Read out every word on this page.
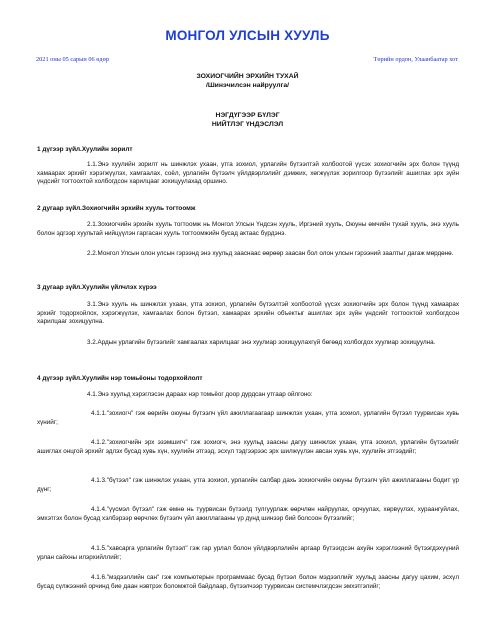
МОНГОЛ УЛСЫН ХУУЛЬ
2021 оны 05 сарын 06 өдөр	Төрийн ордон, Улаанбаатар хот
ЗОХИОГЧИЙН ЭРХИЙН ТУХАЙ
/Шинэчилсэн найруулга/
НЭГДҮГЭЭР БҮЛЭГ
НИЙТЛЭГ ҮНДЭСЛЭЛ
1 дүгээр зүйл.Хуулийн зорилт

1.1.Энэ хуулийн зорилт нь шинжлэх ухаан, утга зохиол, урлагийн бүтээлтэй холбоотой үүсэх зохиогчийн эрх болон түүнд хамаарах эрхийг хэрэгжүүлэх, хамгаалах, соёл, урлагийн бүтээлч үйлдвэрлэлийг дэмжих, хөгжүүлэх зорилгоор бүтээлийг ашиглах эрх зүйн үндсийг тогтоохтой холбогдсон харилцааг зохицуулахад оршино.

2 дугаар зүйл.Зохиогчийн эрхийн хууль тогтоомж

2.1.Зохиогчийн эрхийн хууль тогтоомж нь Монгол Улсын Үндсэн хууль, Иргэний хууль, Оюуны өмчийн тухай хууль, энэ хууль болон эдгээр хуультай нийцүүлэн гаргасан хууль тогтоомжийн бусад актаас бүрдэнэ.

2.2.Монгол Улсын олон улсын гэрээнд энэ хуульд зааснаас өөрөөр заасан бол олон улсын гэрээний заалтыг дагаж мөрдөнө.

3 дугаар зүйл.Хуулийн үйлчлэх хүрээ

3.1.Энэ хууль нь шинжлэх ухаан, утга зохиол, урлагийн бүтээлтэй холбоотой үүсэх зохиогчийн эрх болон түүнд хамаарах эрхийг тодорхойлох, хэрэгжүүлэх, хамгаалах болон бүтээл, хамаарах эрхийн объектыг ашиглах эрх зүйн үндсийг тогтоохтой холбогдсон харилцааг зохицуулна.

3.2.Ардын урлагийн бүтээлийг хамгаалах харилцааг энэ хуулиар зохицуулахгүй бөгөөд холбогдох хуулиар зохицуулна.

4 дүгээр зүйл.Хуулийн нэр томьёоны тодорхойлолт

4.1.Энэ хуульд хэрэглэсэн дараах нэр томьёог доор дурдсан утгаар ойлгоно:

4.1.1."зохиогч" гэж өөрийн оюуны бүтээлч үйл ажиллагаагаар шинжлэх ухаан, утга зохиол, урлагийн бүтээл туурвисан хувь хүнийг;

4.1.2."зохиогчийн эрх эзэмшигч" гэж зохиогч, энэ хуульд заасны дагуу шинжлэх ухаан, утга зохиол, урлагийн бүтээлийг ашиглах онцгой эрхийг эдлэх бусад хувь хүн, хуулийн этгээд, эсхүл тэдгээрээс эрх шилжүүлэн авсан хувь хүн, хуулийн этгээдийг;

4.1.3."бүтээл" гэж шинжлэх ухаан, утга зохиол, урлагийн салбар дахь зохиогчийн оюуны бүтээлч үйл ажиллагааны бодит үр дүнг;

4.1.4."үүсмэл бүтээл" гэж өмнө нь туурвисан бүтээлд тулгуурлаж өөрчлөн найруулах, орчуулах, хөрвүүлэх, хураангуйлах, эмхэтгэх болон бусад хэлбэрээр өөрчлөх бүтээлч үйл ажиллагааны үр дүнд шинээр бий болсоон бүтээлийг;

4.1.5."хавсарга урлагийн бүтээл" гэж гар урлал болон үйлдвэрлэлийн аргаар бүтээгдсэн ахуйн хэрэглээний бүтээгдэхүүний урлан сайхны илэрхийллийг;

4.1.6."мэдээллийн сан" гэж компьютерын программаас бусад бүтээл болон мэдээллийг хуульд заасны дагуу цахим, эсхүл бусад сүлжээний орчинд бие даан нэвтрэх боломжтой байдлаар, бүтээлчээр туурвисан системчлэгдсэн эмхэтгэлийг;
